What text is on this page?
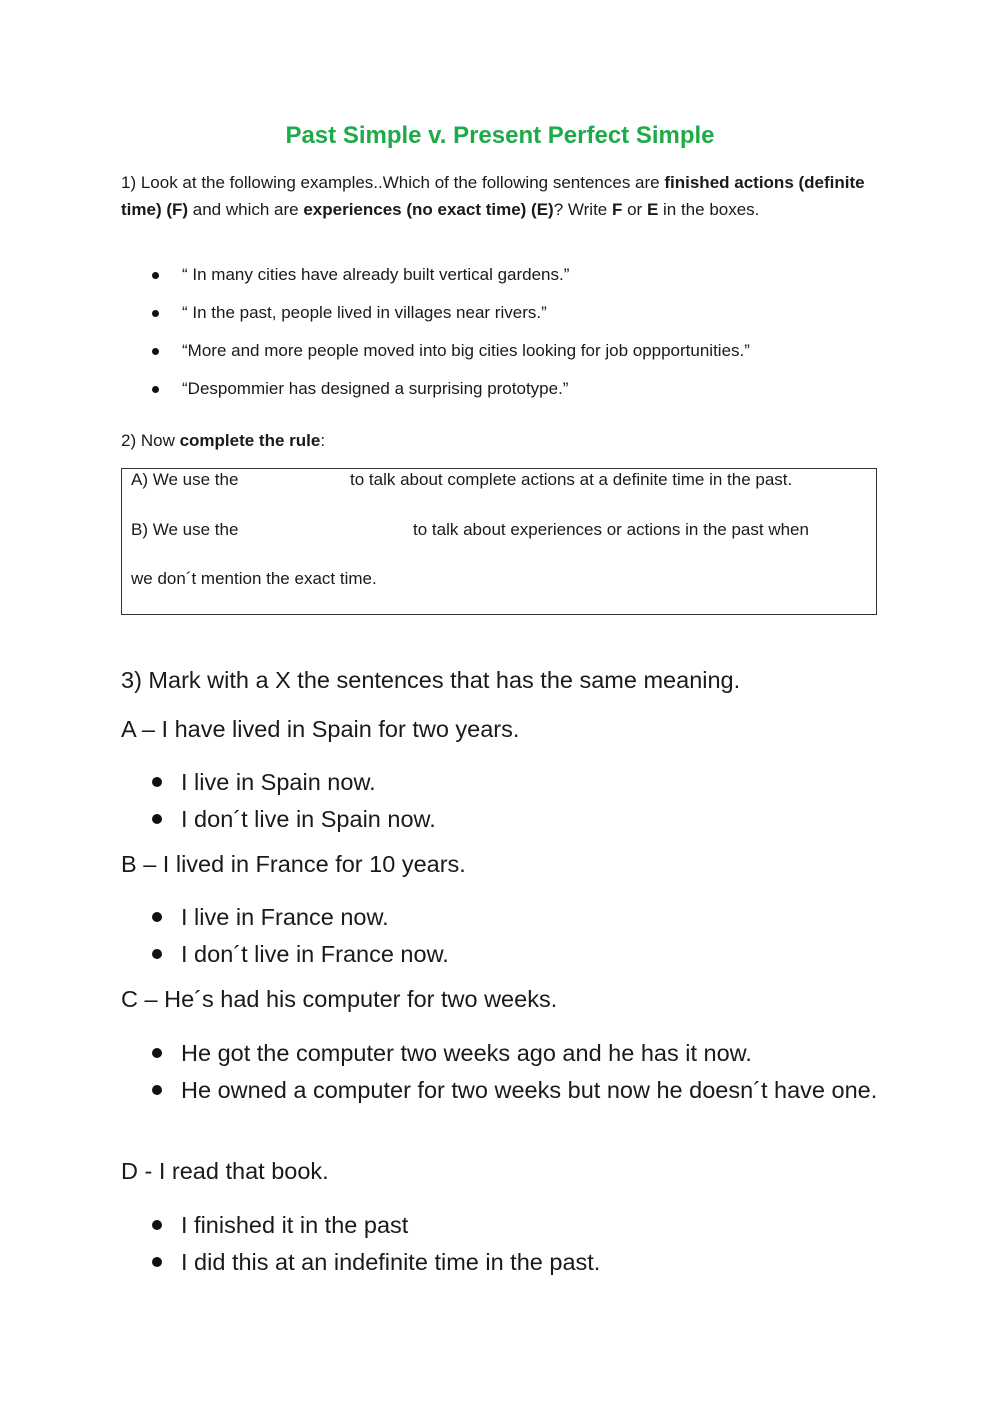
Past Simple v. Present Perfect Simple

1) Look at the following examples..Which of the following sentences are finished actions (definite time) (F) and which are experiences (no exact time) (E)? Write F or E in the boxes.

“ In many cities have already built vertical gardens.”
“ In the past, people lived in villages near rivers.”
“More and more people moved into big cities looking for job oppportunities.”
“Despommier has designed a surprising prototype.”

2) Now complete the rule:

A) We use the	to talk about complete actions at a definite time in the past.
B) We use the	to talk about experiences or actions in the past when
we don´t mention the exact time.

3) Mark with a X the sentences that has the same meaning.

A – I have lived in Spain for two years.

I live in Spain now.
I don´t live in Spain now.

B – I lived in France for 10 years.

I live in France now.
I don´t live in France now.

C – He´s had his computer for two weeks.

He got the computer two weeks ago and he has it now.
He owned a computer for two weeks but now he doesn´t have one.

D - I read that book.

I finished it in the past
I did this at an indefinite time in the past.
